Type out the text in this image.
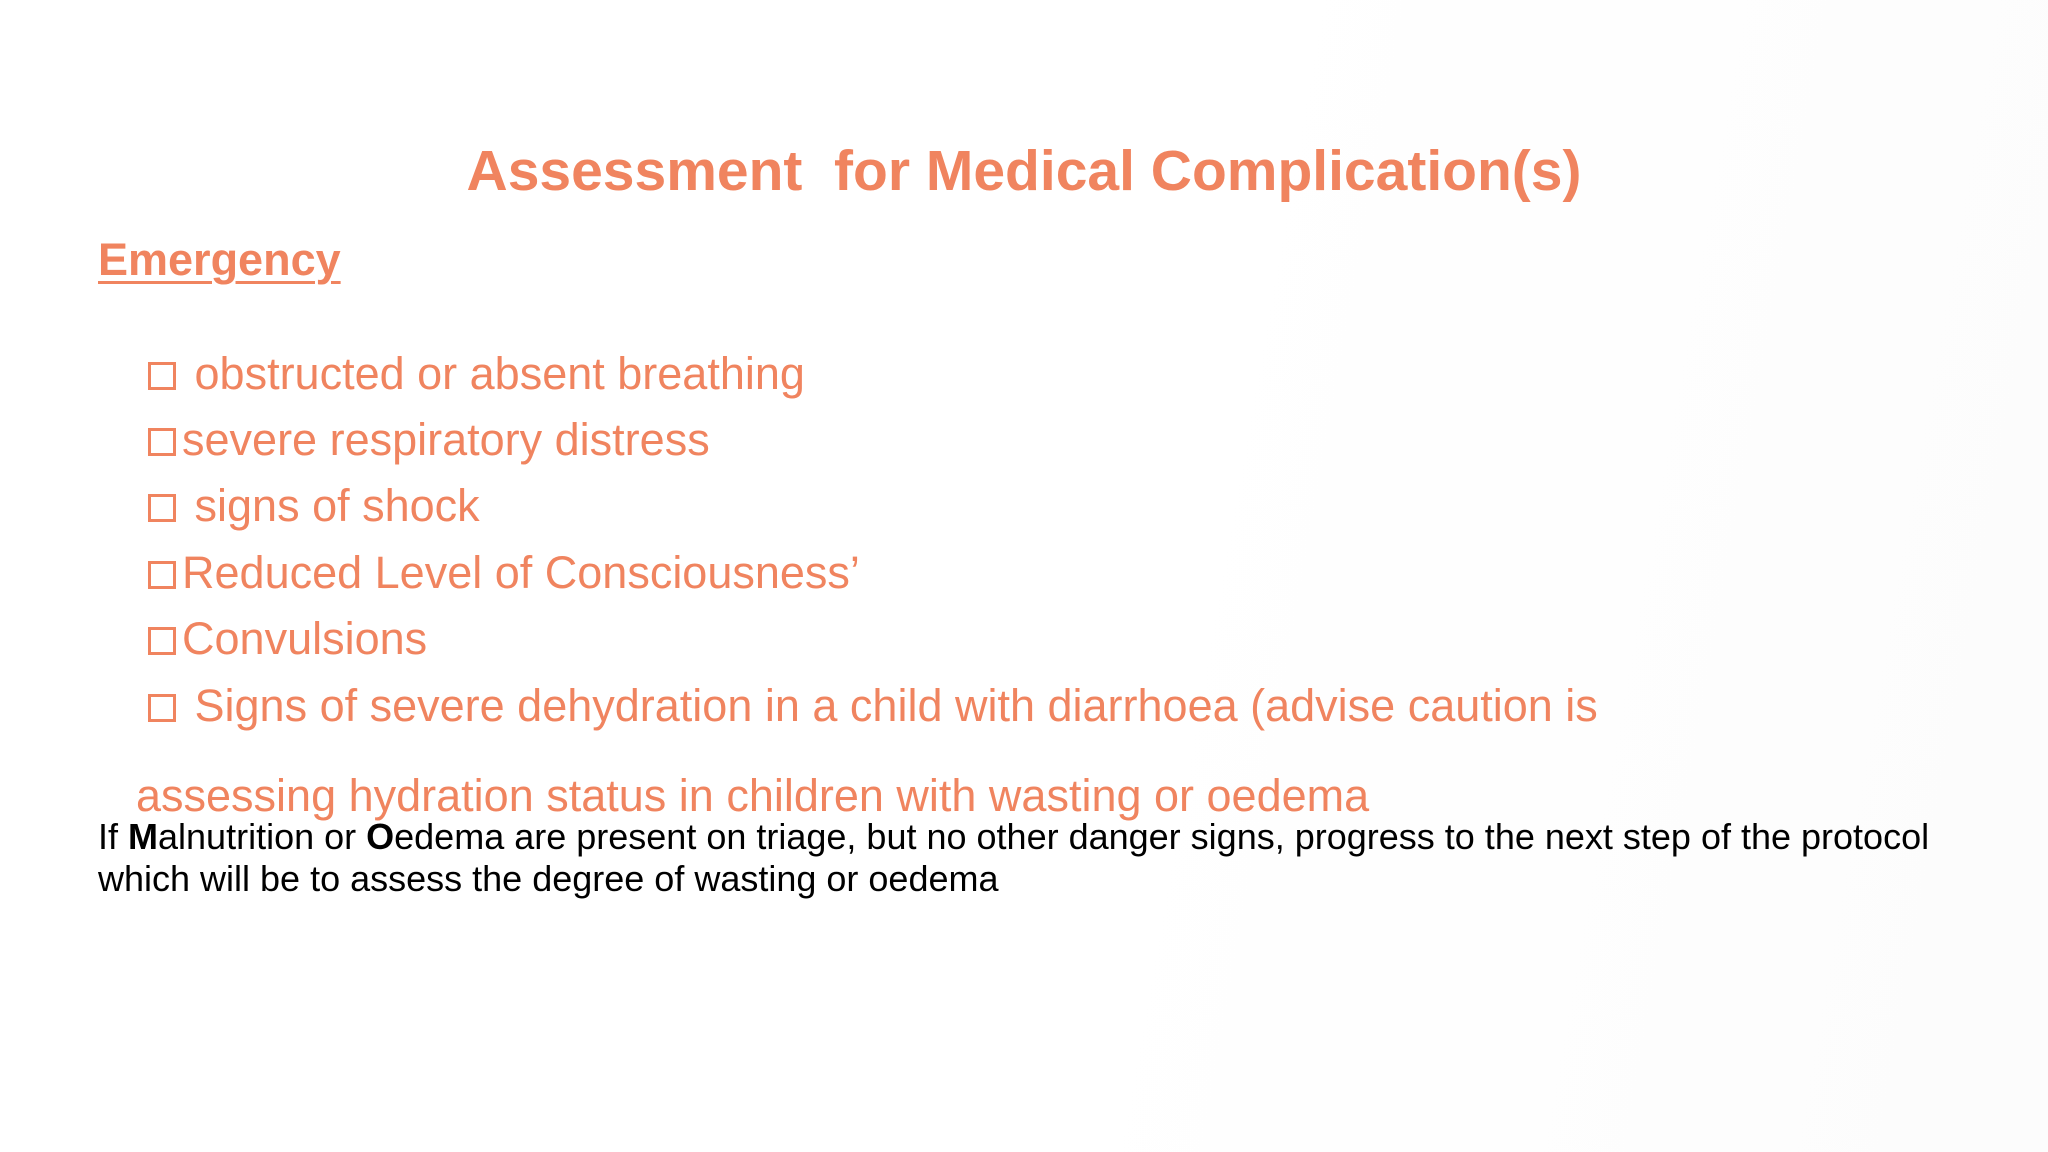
Assessment  for Medical Complication(s)
Emergency

obstructed or absent breathing

severe respiratory distress

signs of shock

Reduced Level of Consciousness’

Convulsions

Signs of severe dehydration in a child with diarrhoea (advise caution is

assessing hydration status in children with wasting or oedema

If Malnutrition or Oedema are present on triage, but no other danger signs, progress to the next step of the protocol which will be to assess the degree of wasting or oedema
